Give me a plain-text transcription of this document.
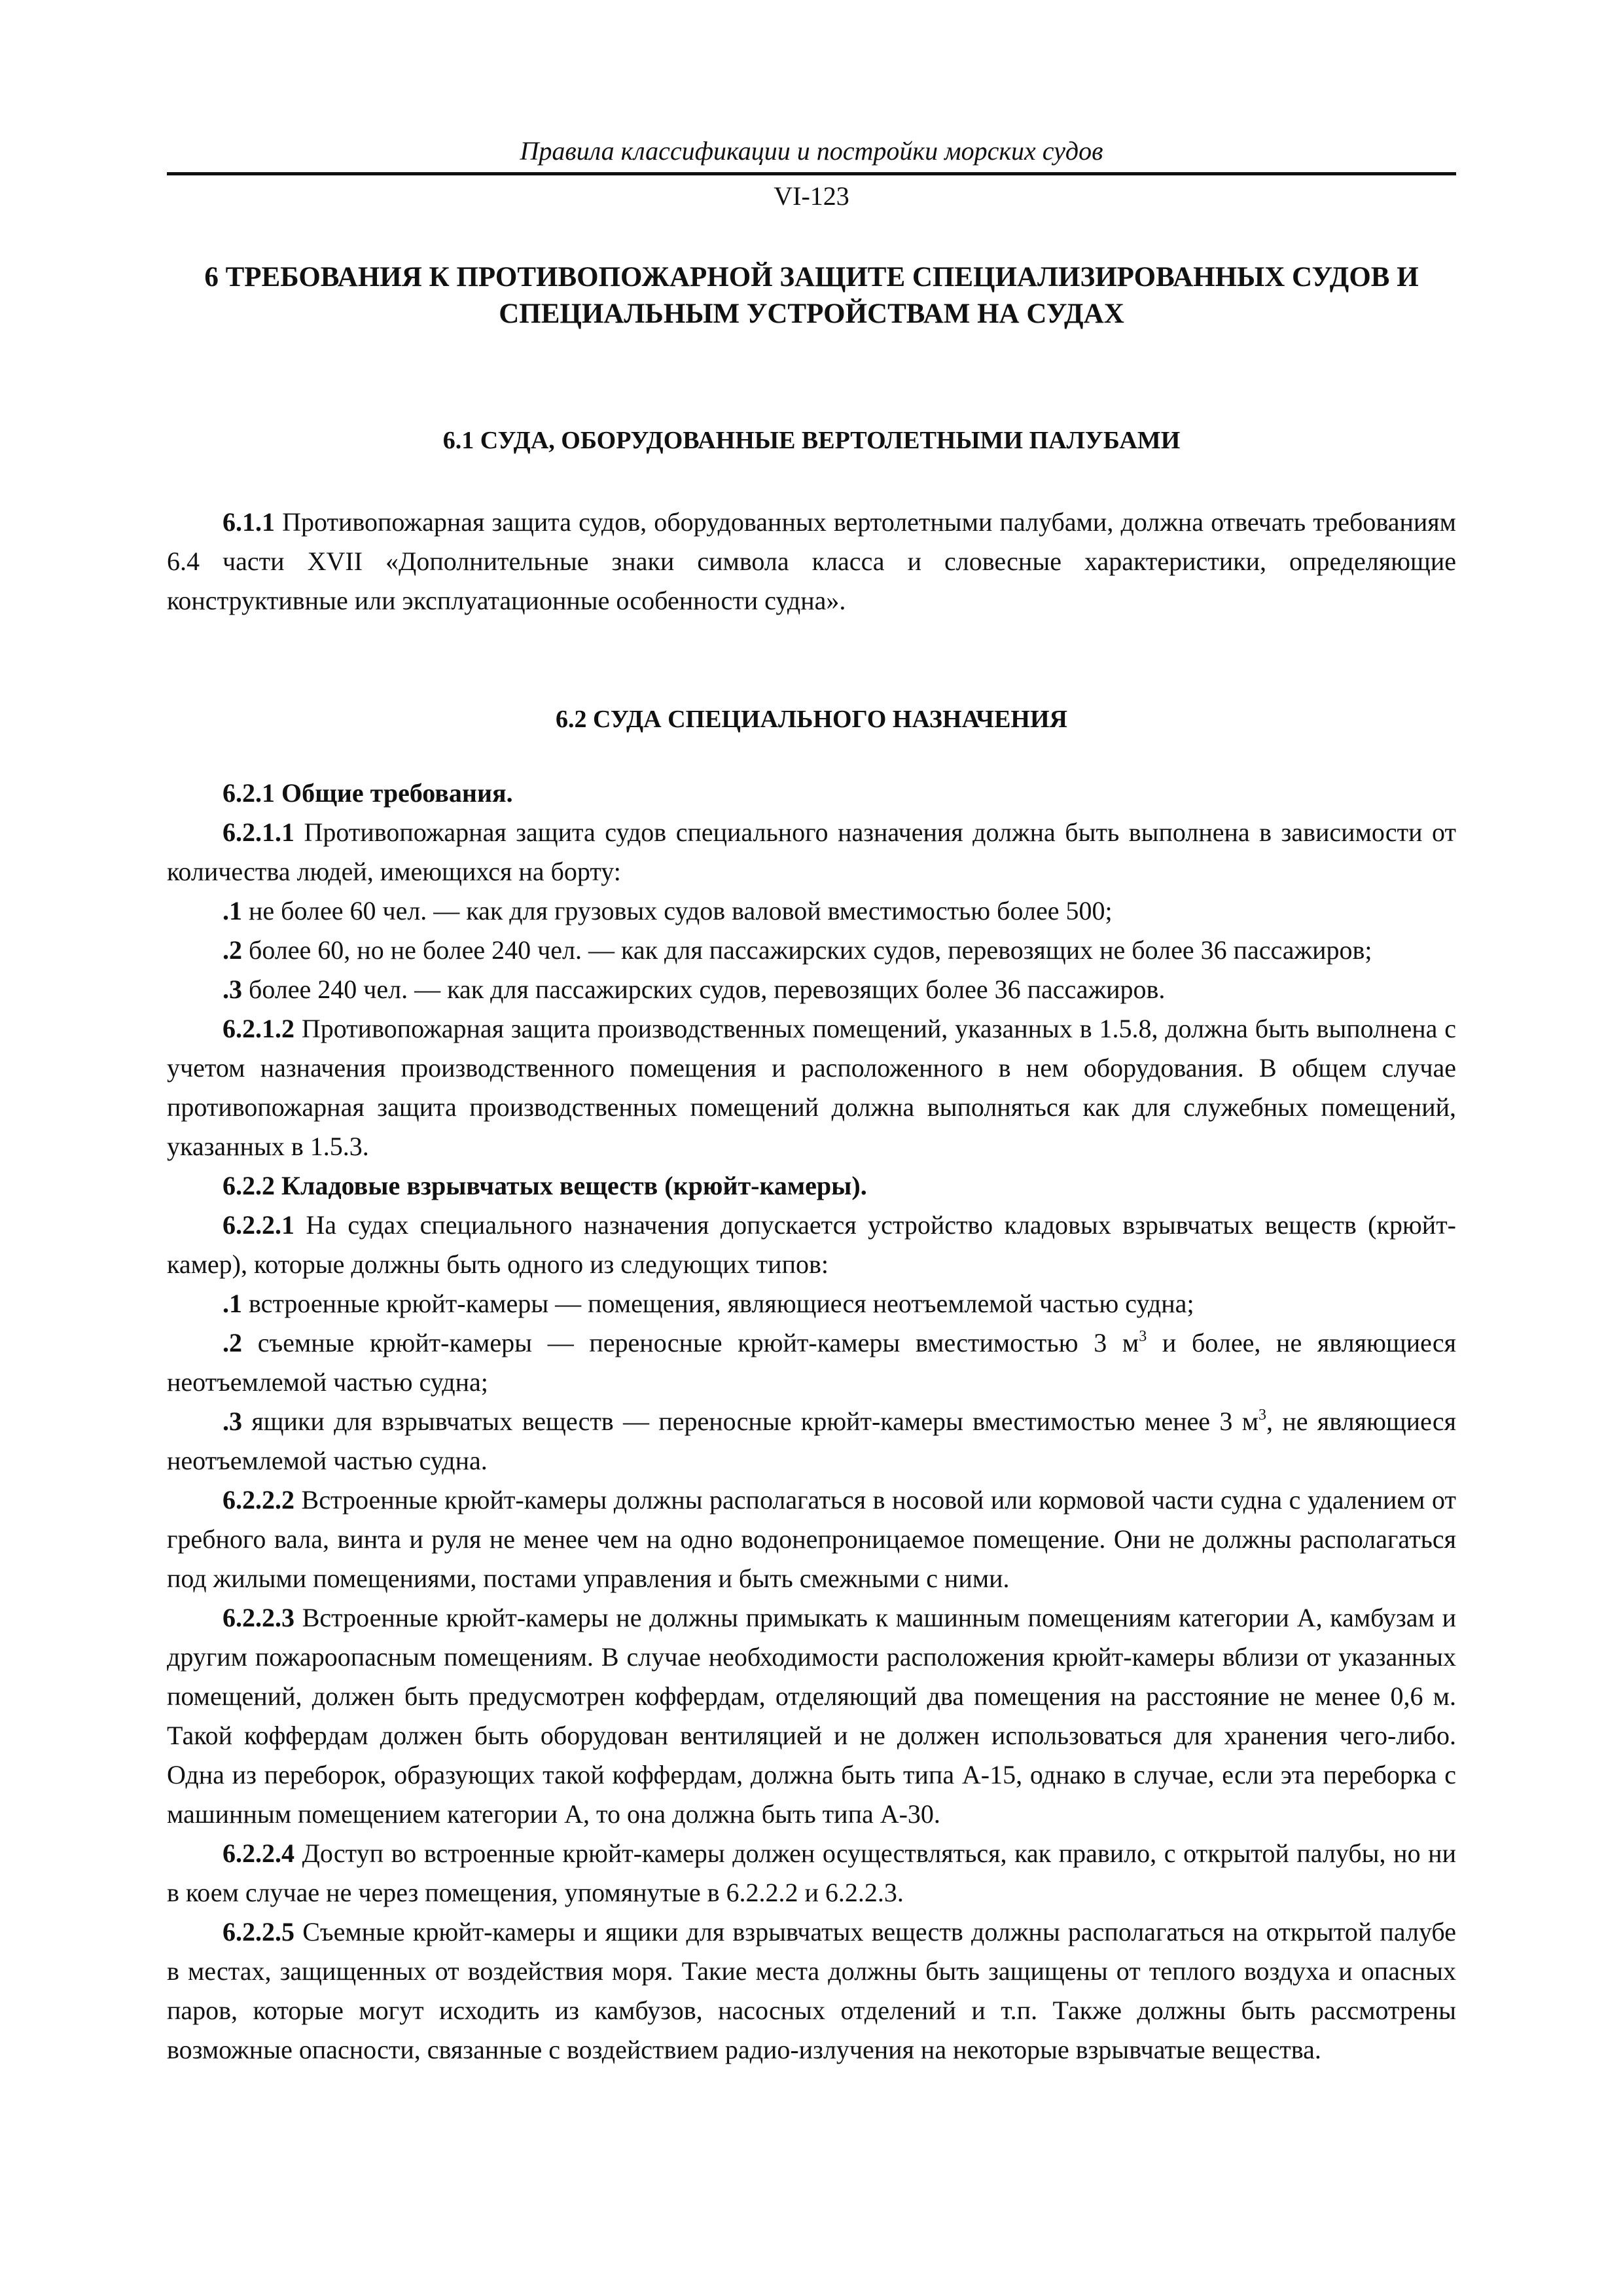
Правила классификации и постройки морских судов
VI-123
6 ТРЕБОВАНИЯ К ПРОТИВОПОЖАРНОЙ ЗАЩИТЕ СПЕЦИАЛИЗИРОВАННЫХ СУДОВ И СПЕЦИАЛЬНЫМ УСТРОЙСТВАМ НА СУДАХ
6.1 СУДА, ОБОРУДОВАННЫЕ ВЕРТОЛЕТНЫМИ ПАЛУБАМИ

6.1.1 Противопожарная защита судов, оборудованных вертолетными палубами, должна отвечать требованиям 6.4 части XVII «Дополнительные знаки символа класса и словесные характеристики, определяющие конструктивные или эксплуатационные особенности судна».

6.2 СУДА СПЕЦИАЛЬНОГО НАЗНАЧЕНИЯ

6.2.1 Общие требования.

6.2.1.1 Противопожарная защита судов специального назначения должна быть выполнена в зависимости от количества людей, имеющихся на борту:

.1 не более 60 чел. — как для грузовых судов валовой вместимостью более 500;

.2 более 60, но не более 240 чел. — как для пассажирских судов, перевозящих не более 36 пассажиров;

.3 более 240 чел. — как для пассажирских судов, перевозящих более 36 пассажиров.

6.2.1.2 Противопожарная защита производственных помещений, указанных в 1.5.8, должна быть выполнена с учетом назначения производственного помещения и расположенного в нем оборудования. В общем случае противопожарная защита производственных помещений должна выполняться как для служебных помещений, указанных в 1.5.3.

6.2.2 Кладовые взрывчатых веществ (крюйт-камеры).

6.2.2.1 На судах специального назначения допускается устройство кладовых взрывчатых веществ (крюйт-камер), которые должны быть одного из следующих типов:

.1 встроенные крюйт-камеры — помещения, являющиеся неотъемлемой частью судна;

.2 съемные крюйт-камеры — переносные крюйт-камеры вместимостью 3 $м^3$ и более, не являющиеся неотъемлемой частью судна;

.3 ящики для взрывчатых веществ — переносные крюйт-камеры вместимостью менее 3 $м^3$, не являющиеся неотъемлемой частью судна.

6.2.2.2 Встроенные крюйт-камеры должны располагаться в носовой или кормовой части судна с удалением от гребного вала, винта и руля не менее чем на одно водонепроницаемое помещение. Они не должны располагаться под жилыми помещениями, постами управления и быть смежными с ними.

6.2.2.3 Встроенные крюйт-камеры не должны примыкать к машинным помещениям категории А, камбузам и другим пожароопасным помещениям. В случае необходимости расположения крюйт-камеры вблизи от указанных помещений, должен быть предусмотрен коффердам, отделяющий два помещения на расстояние не менее 0,6 м. Такой коффердам должен быть оборудован вентиляцией и не должен использоваться для хранения чего-либо. Одна из переборок, образующих такой коффердам, должна быть типа А-15, однако в случае, если эта переборка с машинным помещением категории А, то она должна быть типа А-30.

6.2.2.4 Доступ во встроенные крюйт-камеры должен осуществляться, как правило, с открытой палубы, но ни в коем случае не через помещения, упомянутые в 6.2.2.2 и 6.2.2.3.

6.2.2.5 Съемные крюйт-камеры и ящики для взрывчатых веществ должны располагаться на открытой палубе в местах, защищенных от воздействия моря. Такие места должны быть защищены от теплого воздуха и опасных паров, которые могут исходить из камбузов, насосных отделений и т.п. Также должны быть рассмотрены возможные опасности, связанные с воздействием радио-излучения на некоторые взрывчатые вещества.
